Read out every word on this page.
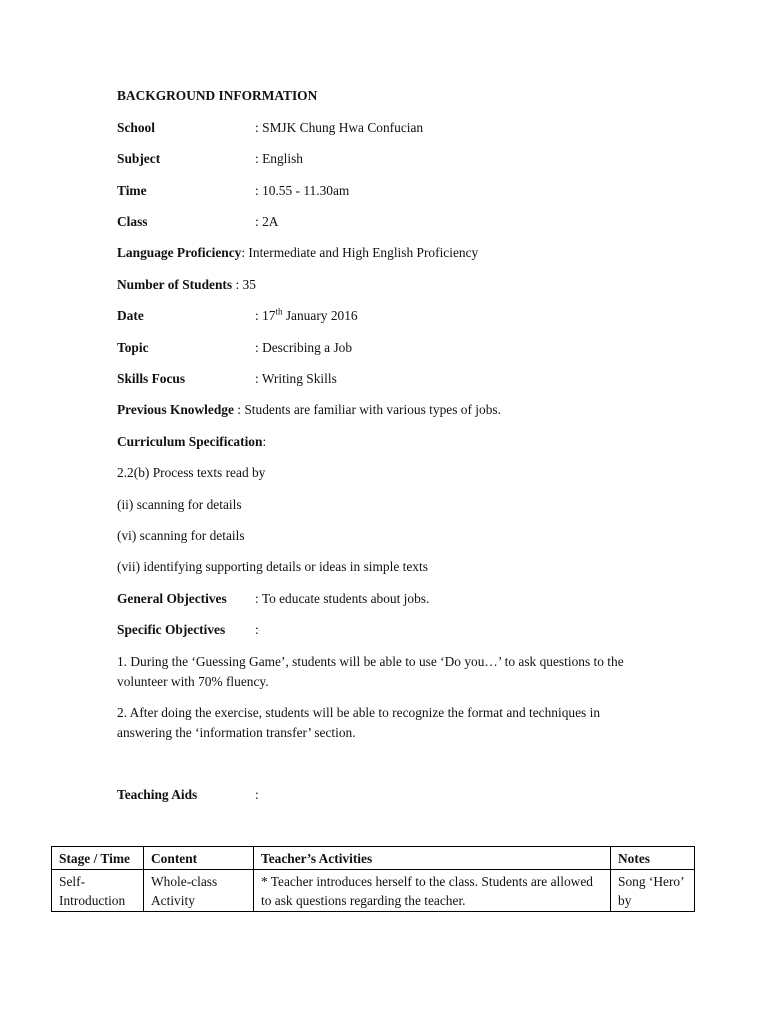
BACKGROUND INFORMATION
School	: SMJK Chung Hwa Confucian
Subject	: English
Time	: 10.55 - 11.30am
Class	: 2A
Language Proficiency: Intermediate and High English Proficiency
Number of Students : 35
Date	: 17th January 2016
Topic	: Describing a Job
Skills Focus	: Writing Skills
Previous Knowledge : Students are familiar with various types of jobs.
Curriculum Specification:
2.2(b) Process texts read by
(ii) scanning for details
(vi) scanning for details
(vii) identifying supporting details or ideas in simple texts
General Objectives : To educate students about jobs.
Specific Objectives :
1. During the ‘Guessing Game’, students will be able to use ‘Do you…’ to ask questions to the volunteer with 70% fluency.
2. After doing the exercise, students will be able to recognize the format and techniques in answering the ‘information transfer’ section.
Teaching Aids	:
Stage / Time	Content	Teacher’s Activities	Notes
Self-Introduction	Whole-class Activity	* Teacher introduces herself to the class. Students are allowed to ask questions regarding the teacher.	Song ‘Hero’ by
